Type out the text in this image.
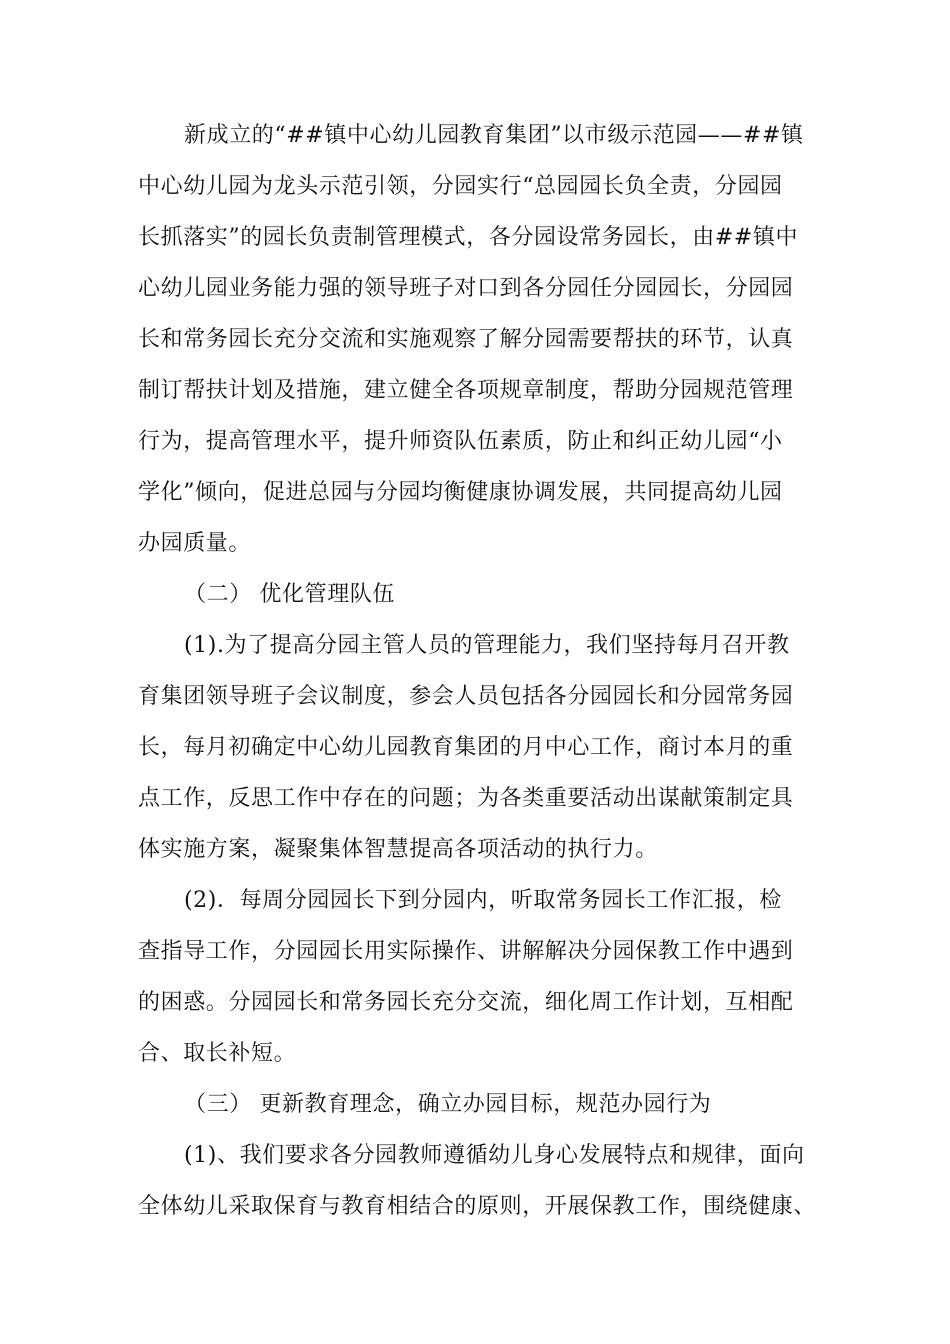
新成立的“##镇中心幼儿园教育集团”以市级示范园——##镇
中心幼儿园为龙头示范引领，分园实行“总园园长负全责，分园园
长抓落实”的园长负责制管理模式，各分园设常务园长，由##镇中
心幼儿园业务能力强的领导班子对口到各分园任分园园长，分园园
长和常务园长充分交流和实施观察了解分园需要帮扶的环节，认真
制订帮扶计划及措施，建立健全各项规章制度，帮助分园规范管理
行为，提高管理水平，提升师资队伍素质，防止和纠正幼儿园“小
学化”倾向，促进总园与分园均衡健康协调发展，共同提高幼儿园
办园质量。
（二） 优化管理队伍
(1).为了提高分园主管人员的管理能力，我们坚持每月召开教
育集团领导班子会议制度，参会人员包括各分园园长和分园常务园
长，每月初确定中心幼儿园教育集团的月中心工作，商讨本月的重
点工作，反思工作中存在的问题；为各类重要活动出谋献策制定具
体实施方案，凝聚集体智慧提高各项活动的执行力。
(2)．每周分园园长下到分园内，听取常务园长工作汇报，检
查指导工作，分园园长用实际操作、讲解解决分园保教工作中遇到
的困惑。分园园长和常务园长充分交流，细化周工作计划，互相配
合、取长补短。
（三） 更新教育理念，确立办园目标，规范办园行为
(1)、我们要求各分园教师遵循幼儿身心发展特点和规律，面向
全体幼儿采取保育与教育相结合的原则，开展保教工作，围绕健康、
